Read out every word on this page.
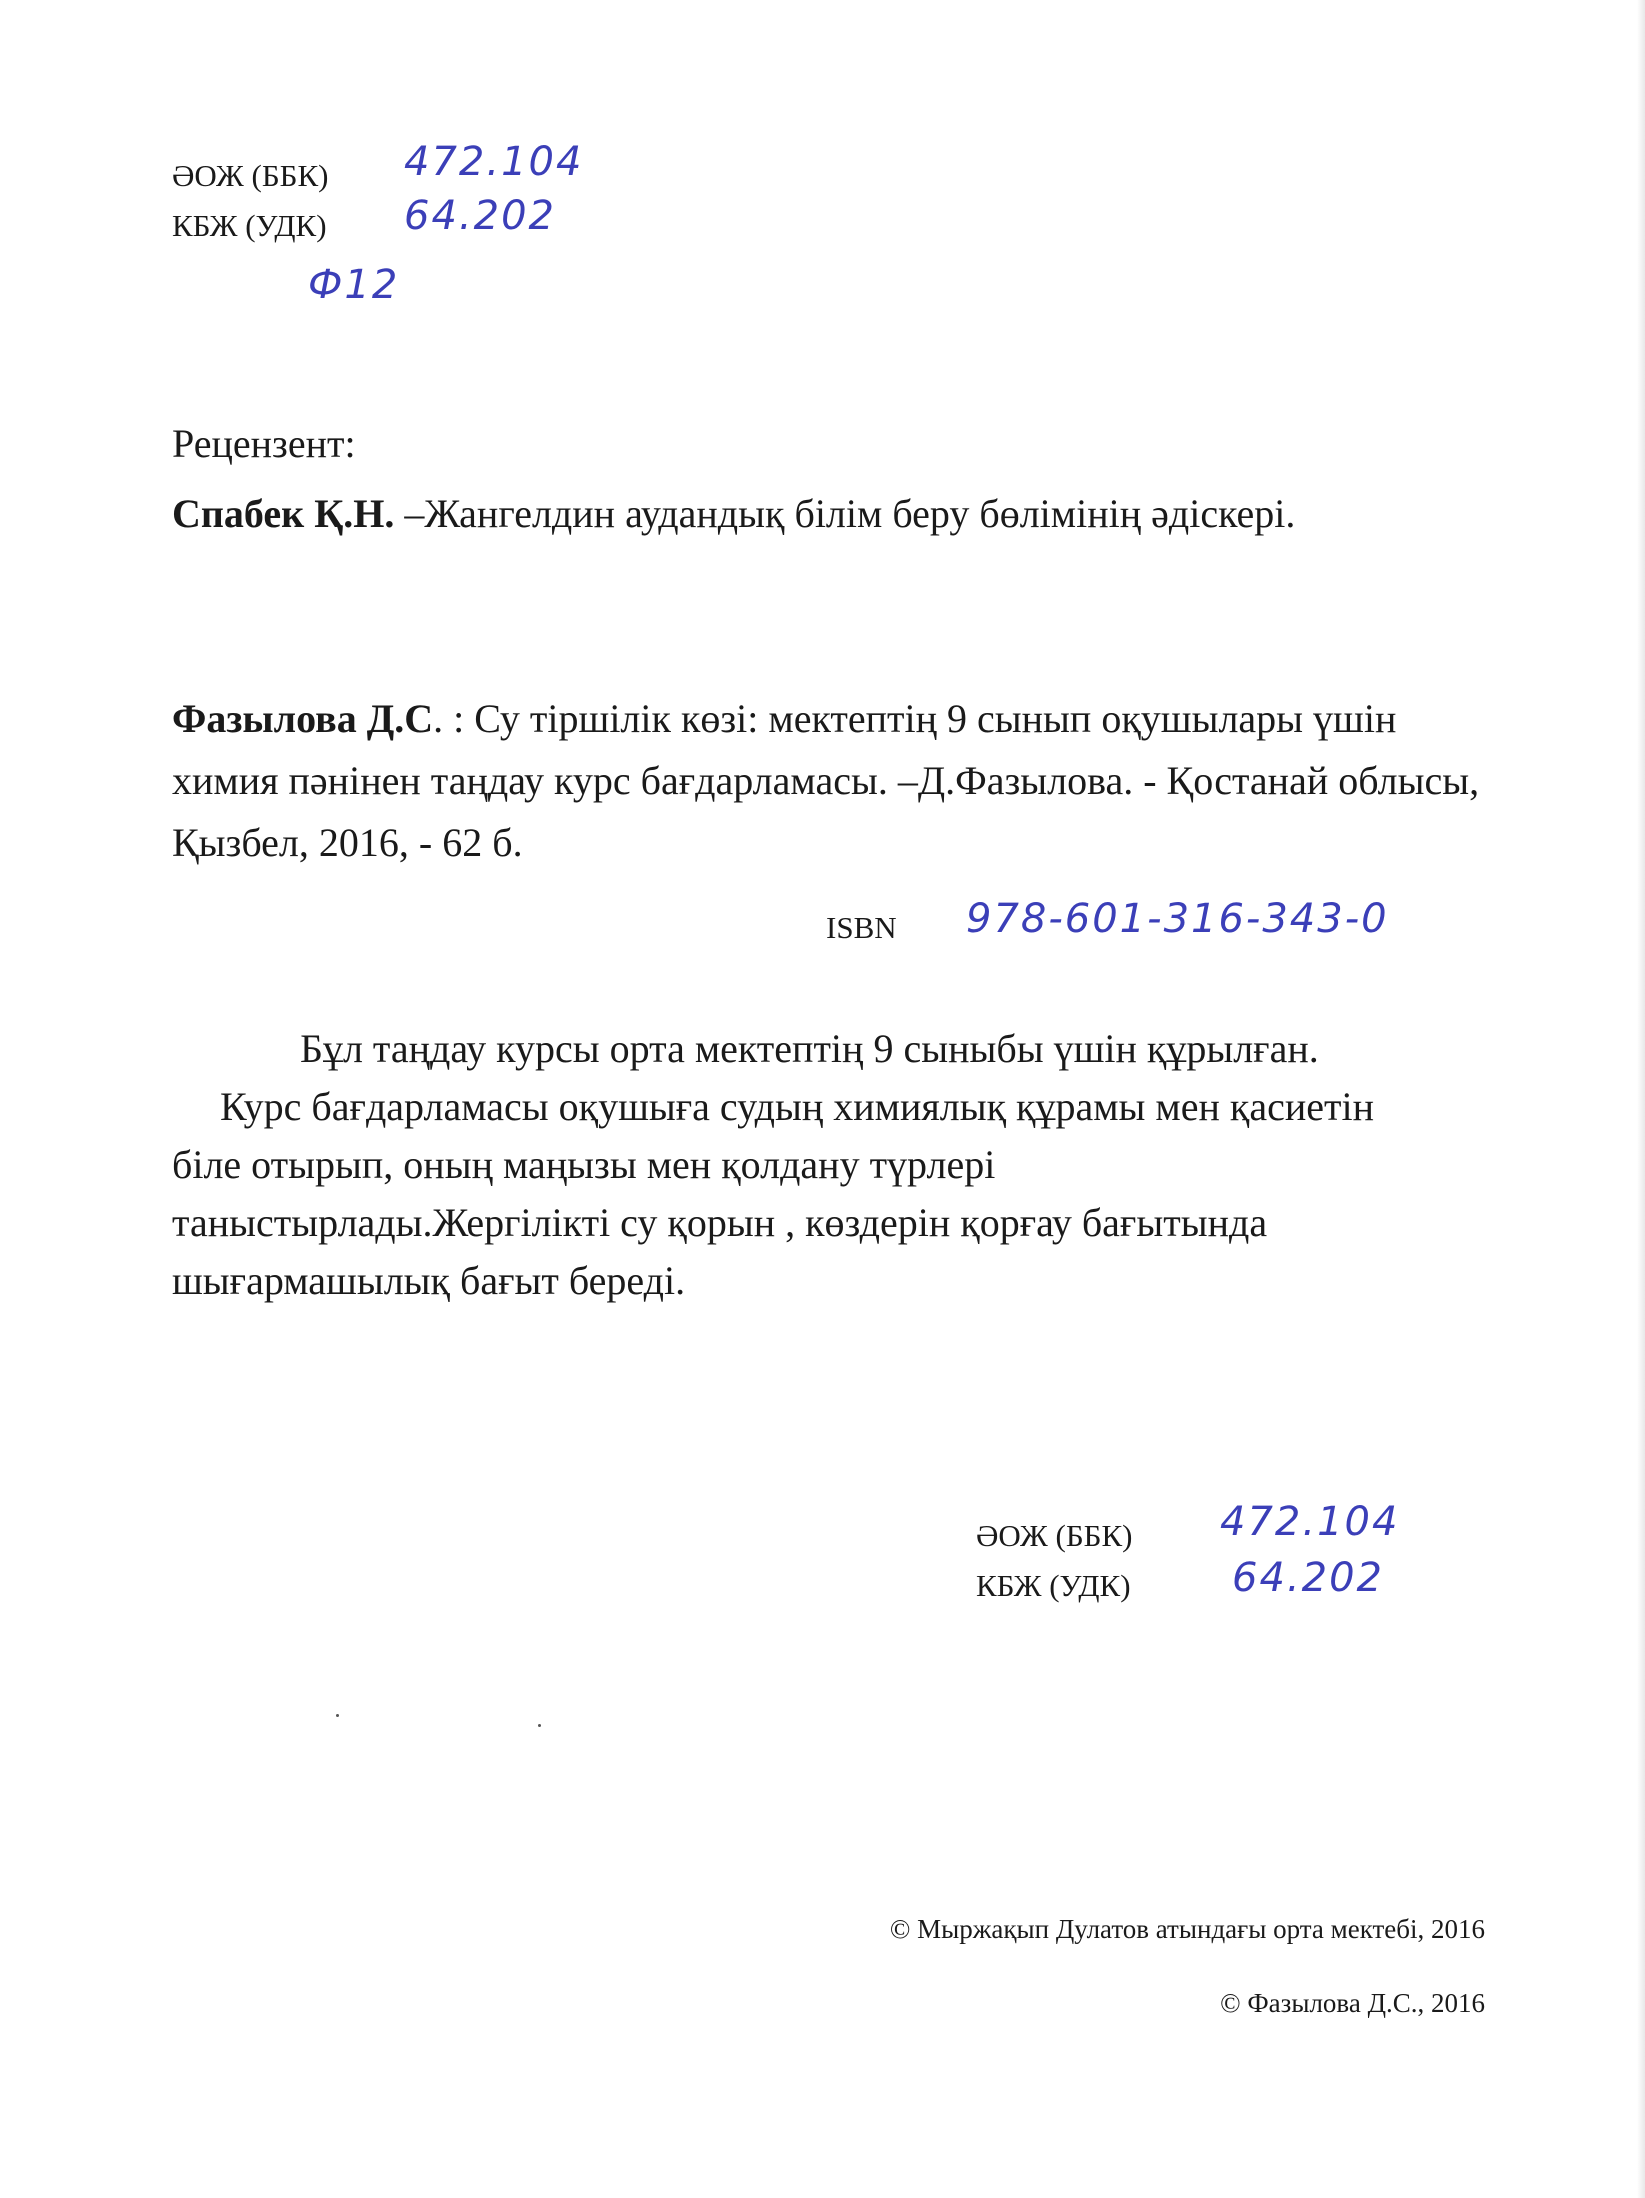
ӘОЖ (ББК) 472.104
КБЖ (УДК) 64.202
Ф12
Рецензент:
Спабек Қ.Н. –Жангелдин аудандық білім беру бөлімінің әдіскері.
Фазылова Д.С. : Су тіршілік көзі: мектептің 9 сынып оқушылары үшін химия пәнінен таңдау курс бағдарламасы. –Д.Фазылова. - Қостанай облысы, Қызбел, 2016, - 62 б.
ISBN 978-601-316-343-0

Бұл таңдау курсы орта мектептің 9 сыныбы үшін құрылған.

Курс бағдарламасы оқушыға судың химиялық құрамы мен қасиетін біле отырып, оның маңызы мен қолдану түрлері таныстырлады.Жергілікті су қорын , көздерін қорғау бағытында шығармашылық бағыт береді.

ӘОЖ (ББК) 472.104
КБЖ (УДК)	64.202
© Мыржақып Дулатов атындағы орта мектебі, 2016
© Фазылова Д.С., 2016
